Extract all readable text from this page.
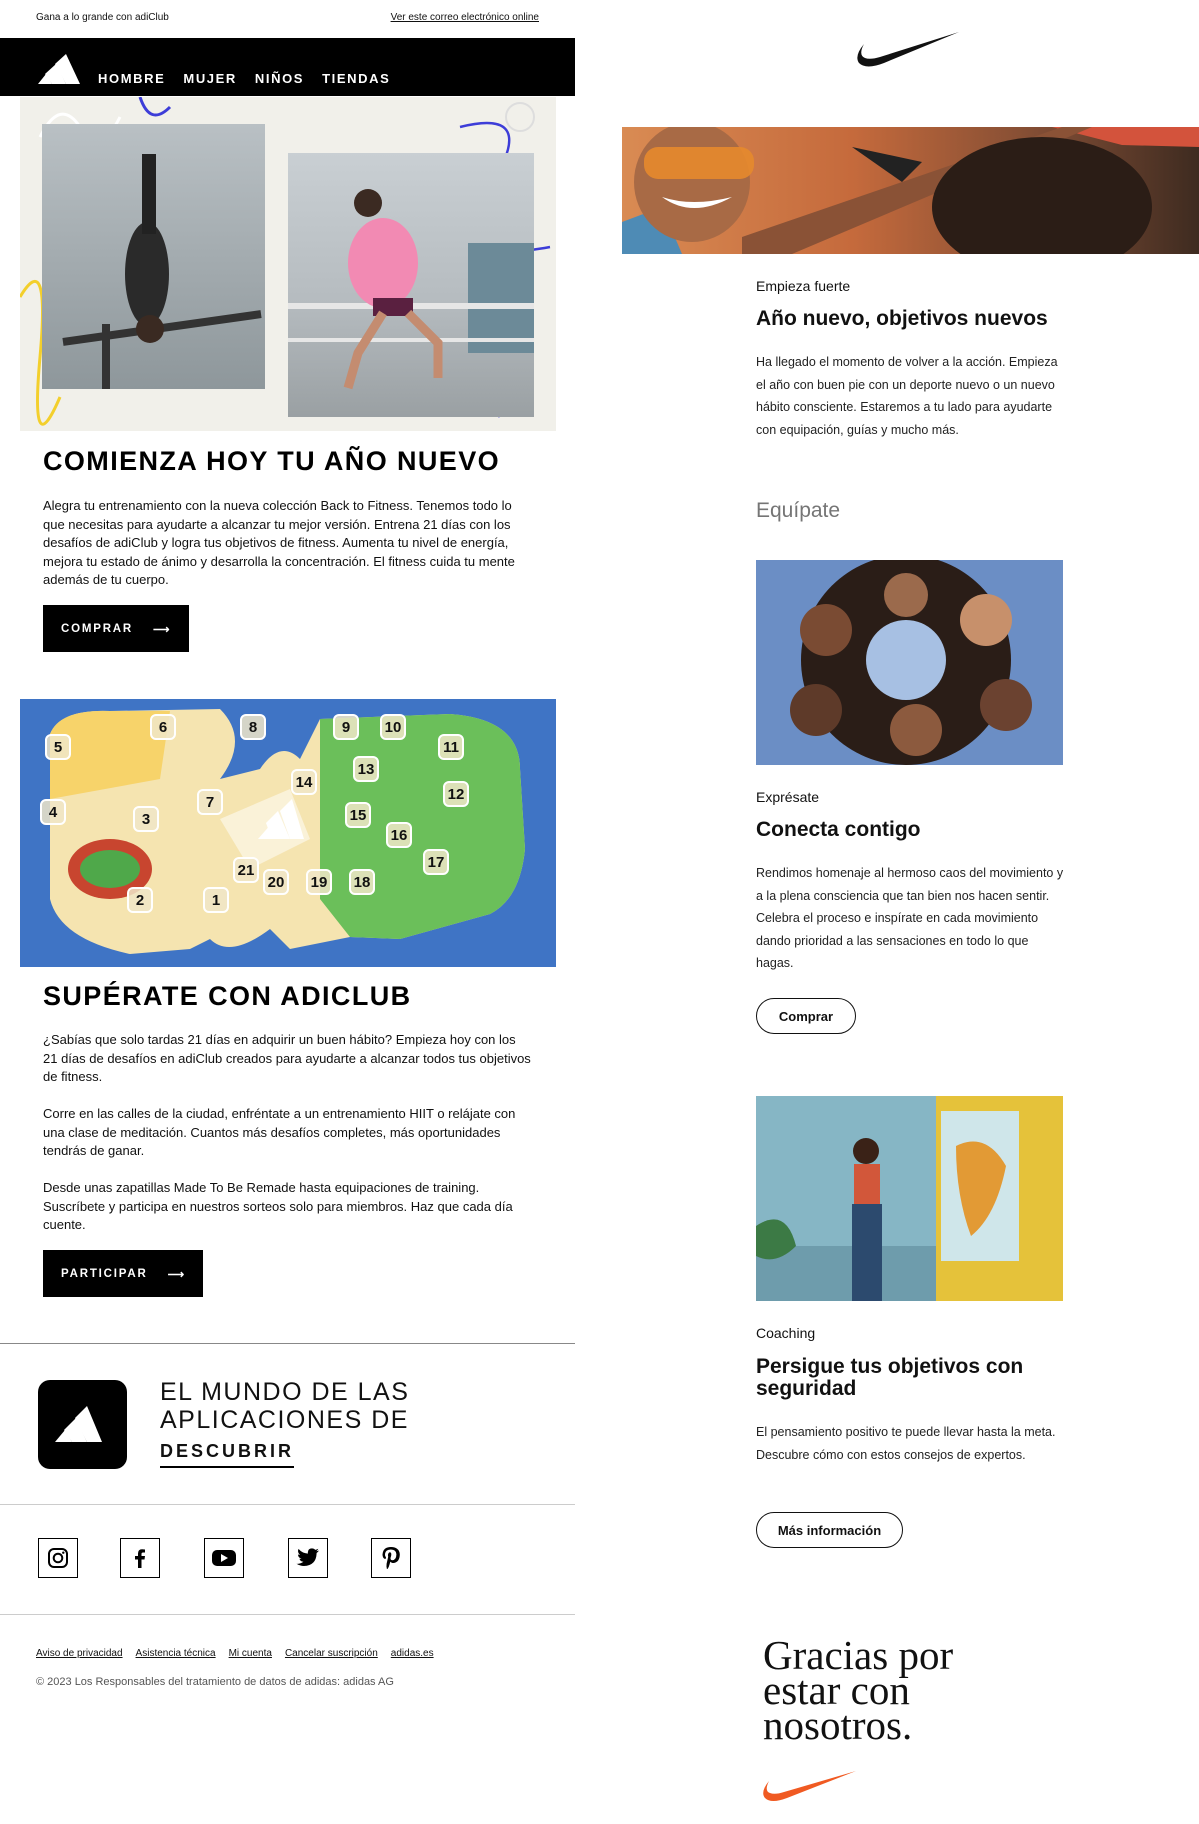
Gana a lo grande con adiClub	Ver este correo electrónico online
HOMBRE MUJER NIÑOS TIENDAS
COMIENZA HOY TU AÑO NUEVO
Alegra tu entrenamiento con la nueva colección Back to Fitness. Tenemos todo lo que necesitas para ayudarte a alcanzar tu mejor versión. Entrena 21 días con los desafíos de adiClub y logra tus objetivos de fitness. Aumenta tu nivel de energía, mejora tu estado de ánimo y desarrolla la concentración. El fitness cuida tu mente además de tu cuerpo.
COMPRAR ⟶
1
2
3
4
5
6
7
8	9	10
11
12
13
14
15
16
17
18
19
20
21
SUPÉRATE CON ADICLUB
¿Sabías que solo tardas 21 días en adquirir un buen hábito? Empieza hoy con los 21 días de desafíos en adiClub creados para ayudarte a alcanzar todos tus objetivos de fitness.
Corre en las calles de la ciudad, enfréntate a un entrenamiento HIIT o relájate con una clase de meditación. Cuantos más desafíos completes, más oportunidades tendrás de ganar.
Desde unas zapatillas Made To Be Remade hasta equipaciones de training. Suscríbete y participa en nuestros sorteos solo para miembros. Haz que cada día cuente.
PARTICIPAR ⟶
EL MUNDO DE LAS
APLICACIONES DE
DESCUBRIR
Aviso de privacidad Asistencia técnica Mi cuenta Cancelar suscripción adidas.es
© 2023 Los Responsables del tratamiento de datos de adidas: adidas AG
Empieza fuerte
Año nuevo, objetivos nuevos
Ha llegado el momento de volver a la acción. Empieza el año con buen pie con un deporte nuevo o un nuevo hábito consciente. Estaremos a tu lado para ayudarte con equipación, guías y mucho más.
Equípate
Exprésate
Conecta contigo
Rendimos homenaje al hermoso caos del movimiento y a la plena consciencia que tan bien nos hacen sentir. Celebra el proceso e inspírate en cada movimiento dando prioridad a las sensaciones en todo lo que hagas.
Comprar
Coaching
Persigue tus objetivos con seguridad
El pensamiento positivo te puede llevar hasta la meta. Descubre cómo con estos consejos de expertos.
Más información
Gracias por estar con nosotros.
